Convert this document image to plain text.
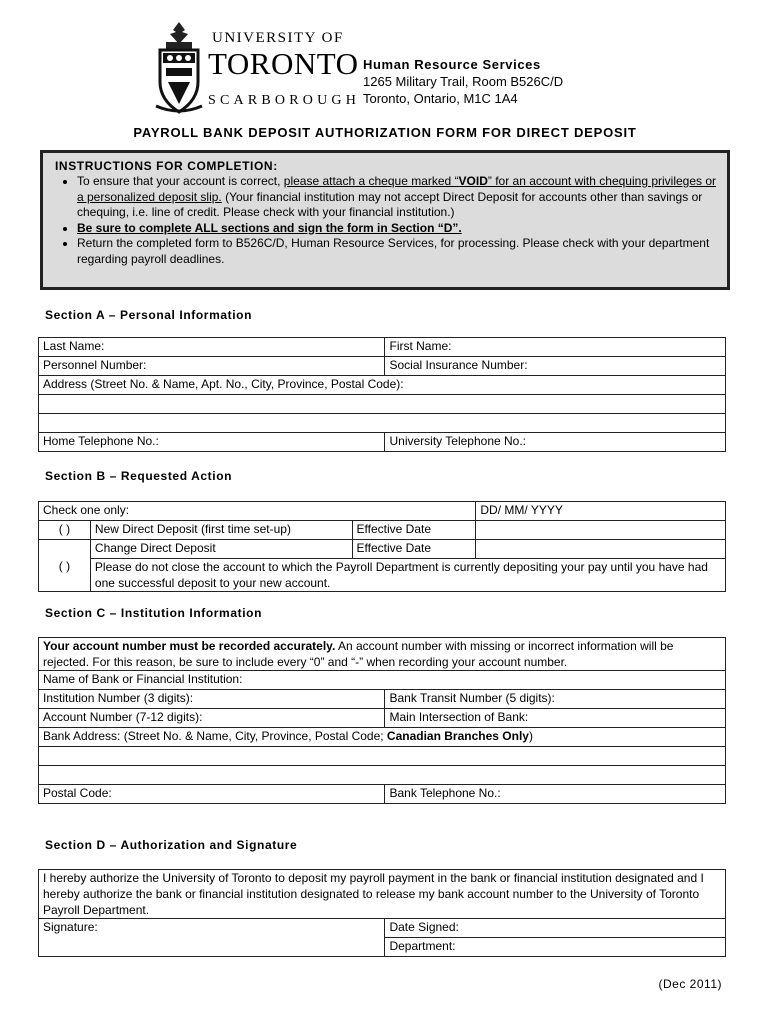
UNIVERSITY OF
TORONTO
SCARBOROUGH
Human Resource Services
1265 Military Trail, Room B526C/D
Toronto, Ontario, M1C 1A4
PAYROLL BANK DEPOSIT AUTHORIZATION FORM FOR DIRECT DEPOSIT
INSTRUCTIONS FOR COMPLETION:
• To ensure that your account is correct, please attach a cheque marked “VOID” for an account with chequing privileges or a personalized deposit slip. (Your financial institution may not accept Direct Deposit for accounts other than savings or chequing, i.e. line of credit. Please check with your financial institution.)
• Be sure to complete ALL sections and sign the form in Section “D”.
• Return the completed form to B526C/D, Human Resource Services, for processing. Please check with your department regarding payroll deadlines.
Section A – Personal Information
Last Name:	First Name:
Personnel Number:	Social Insurance Number:
Address (Street No. & Name, Apt. No., City, Province, Postal Code):	

Home Telephone No.:	University Telephone No.:
Section B – Requested Action
Check one only:			DD/ MM/ YYYY
( )	New Direct Deposit (first time set-up)	Effective Date	
( )	Change Direct Deposit	Effective Date	
	Please do not close the account to which the Payroll Department is currently depositing your pay until you have had one successful deposit to your new account.		
Section C – Institution Information
Your account number must be recorded accurately. An account number with missing or incorrect information will be rejected. For this reason, be sure to include every “0” and “-” when recording your account number.	
Name of Bank or Financial Institution:	
Institution Number (3 digits):	Bank Transit Number (5 digits):
Account Number (7-12 digits):	Main Intersection of Bank:
Bank Address: (Street No. & Name, City, Province, Postal Code; Canadian Branches Only)	

Postal Code:	Bank Telephone No.:
Section D – Authorization and Signature
I hereby authorize the University of Toronto to deposit my payroll payment in the bank or financial institution designated and I hereby authorize the bank or financial institution designated to release my bank account number to the University of Toronto Payroll Department.
Signature:	Date Signed:
Department:
(Dec 2011)
